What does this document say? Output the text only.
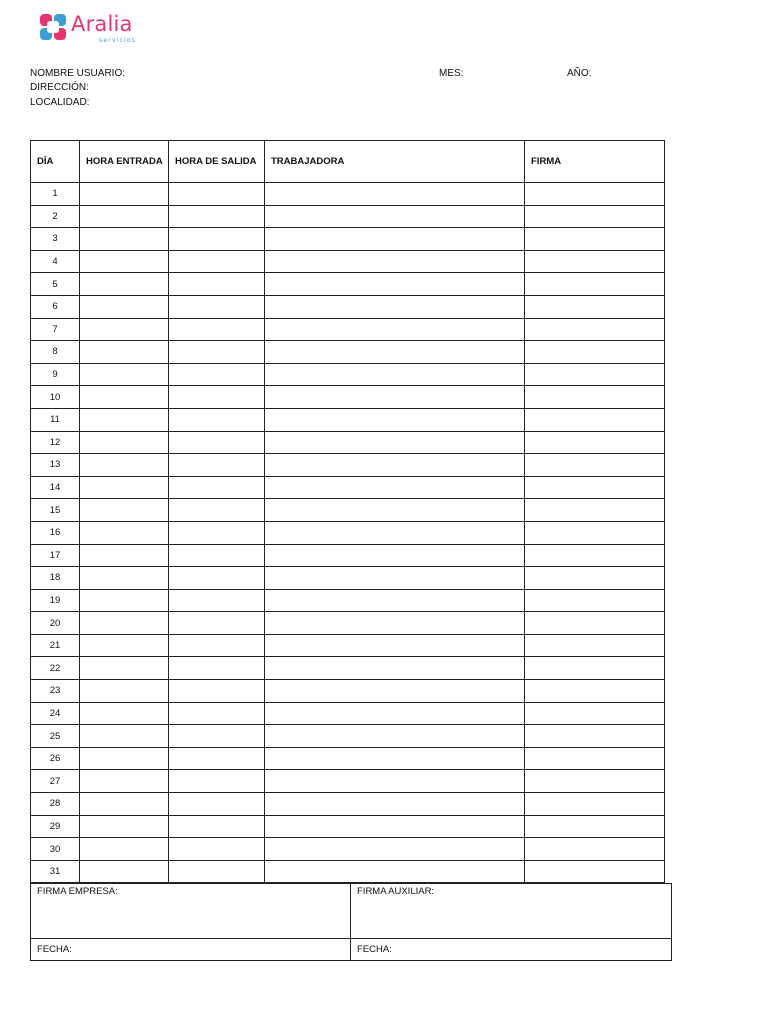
Aralia
servicios
NOMBRE USUARIO:	MES:	AÑO:
DIRECCIÓN:
LOCALIDAD:
DÍA	HORA ENTRADA	HORA DE SALIDA	TRABAJADORA	FIRMA
1				
2				
3				
4				
5				
6				
7				
8				
9				
10				
11				
12				
13				
14				
15				
16				
17				
18				
19				
20				
21				
22				
23				
24				
25				
26				
27				
28				
29				
30				
31				
FIRMA EMPRESA:	FIRMA AUXILIAR:
FECHA:	FECHA:
